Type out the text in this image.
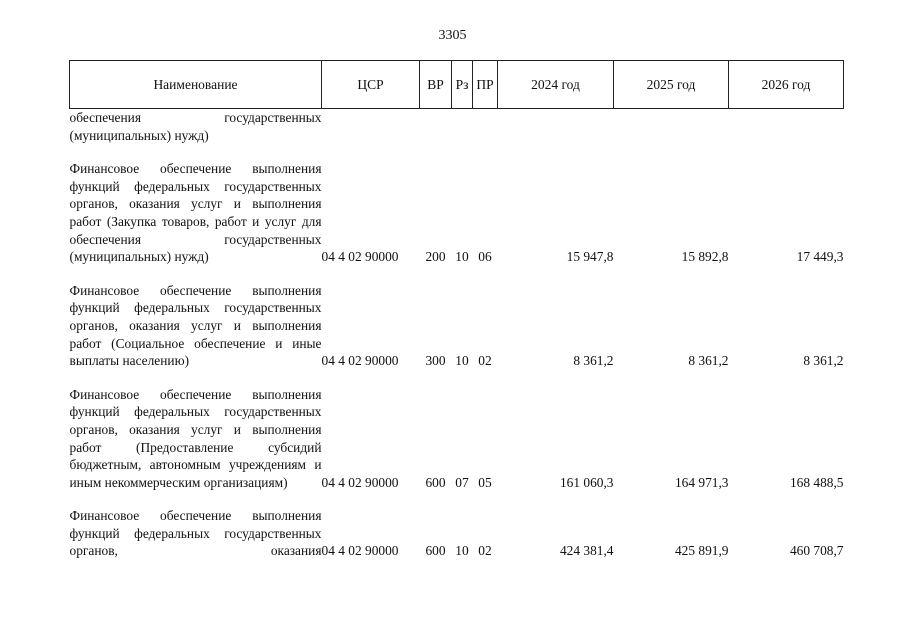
3305
Наименование	ЦСР	ВР	Рз	ПР	2024 год	2025 год	2026 год
обеспечения государственных (муниципальных) нужд)							

Финансовое обеспечение выполнения функций федеральных государственных органов, оказания услуг и выполнения работ (Закупка товаров, работ и услуг для обеспечения государственных (муниципальных) нужд)	04 4 02 90000	200	10	06	15 947,8	15 892,8	17 449,3

Финансовое обеспечение выполнения функций федеральных государственных органов, оказания услуг и выполнения работ (Социальное обеспечение и иные выплаты населению)	04 4 02 90000	300	10	02	8 361,2	8 361,2	8 361,2

Финансовое обеспечение выполнения функций федеральных государственных органов, оказания услуг и выполнения работ (Предоставление субсидий бюджетным, автономным учреждениям и иным некоммерческим организациям)	04 4 02 90000	600	07	05	161 060,3	164 971,3	168 488,5

Финансовое обеспечение выполнения функций федеральных государственных органов, оказания	04 4 02 90000	600	10	02	424 381,4	425 891,9	460 708,7
